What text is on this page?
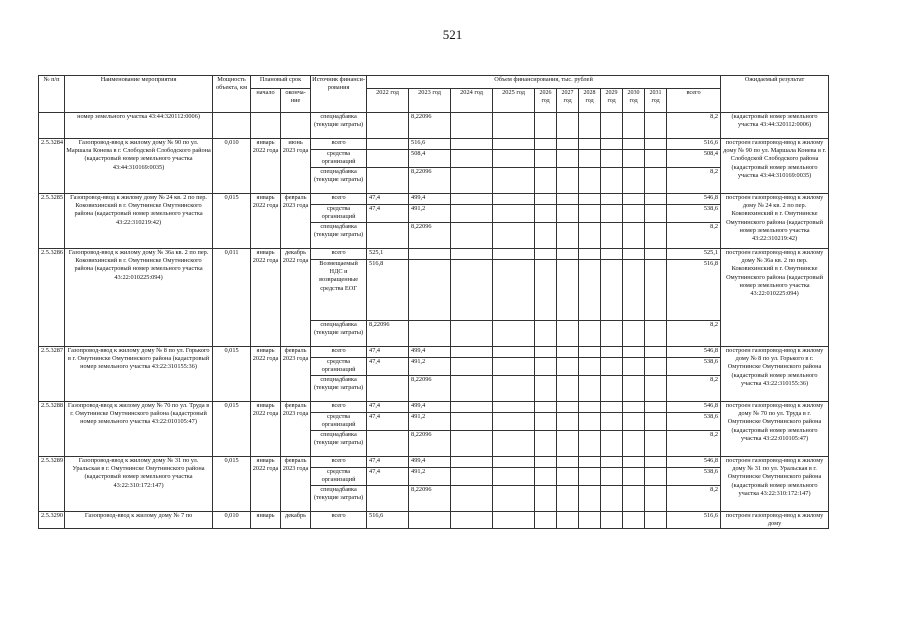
521
№ п/п	Наименование мероприятия	Мощность объекта, км	Плановый срок		Источник финанси-рования	Объем финансирования, тыс. рублей											Ожидаемый результат
			начало	оконча-ние		2022 год	2023 год	2024 год	2025 год	2026 год	2027 год	2028 год	2029 год	2030 год	2031 год	всего	
	номер земельного участка 43:44:320112:0006)				спецнадбавка (текущие затраты)		8,22096									8,2	(кадастровый номер земельного участка 43:44:320112:0006)
2.5.3284	Газопровод-ввод к жилому дому № 90 по ул. Маршала Конева в г. Слободской Слободского района (кадастровый номер земельного участка 43:44:310169:0035)	0,010	январь 2022 года	июнь 2023 года	всего		516,6									516,6	построен газопровод-ввод к жилому дому № 90 по ул. Маршала Конева в г. Слободской Слободского района (кадастровый номер земельного участка 43:44:310169:0035)
					средства организаций		508,4									508,4	
					спецнадбавка (текущие затраты)		8,22096									8,2	
2.5.3285	Газопровод-ввод к жилому дому № 24 кв. 2 по пер. Коковихинский в г. Омутнинске Омутнинского района (кадастровый номер земельного участка 43:22:310219:42)	0,015	январь 2022 года	февраль 2023 года	всего	47,4	499,4									546,8	построен газопровод-ввод к жилому дому № 24 кв. 2 по пер. Коковихинский в г. Омутнинске Омутнинского района (кадастровый номер земельного участка 43:22:310219:42)
					средства организаций	47,4	491,2									538,6	
					спецнадбавка (текущие затраты)		8,22096									8,2	
2.5.3286	Газопровод-ввод к жилому дому № 36а кв. 2 по пер. Коковихинский в г. Омутнинске Омутнинского района (кадастровый номер земельного участка 43:22:010225:094)	0,011	январь 2022 года	декабрь 2022 года	всего	525,1										525,1	построен газопровод-ввод к жилому дому № 36а кв. 2 по пер. Коковихинский в г. Омутнинске Омутнинского района (кадастровый номер земельного участка 43:22:010225:094)
					Возмещаемый НДС и возвращенные средства ЕОГ	516,8										516,8	
					спецнадбавка (текущие затраты)	8,22096										8,2	
2.5.3287	Газопровод-ввод к жилому дому № 8 по ул. Горького в г. Омутнинске Омутнинского района (кадастровый номер земельного участка 43:22:310155:36)	0,015	январь 2022 года	февраль 2023 года	всего	47,4	499,4									546,8	построен газопровод-ввод к жилому дому № 8 по ул. Горького в г. Омутнинске Омутнинского района (кадастровый номер земельного участка 43:22:310155:36)
					средства организаций	47,4	491,2									538,6	
					спецнадбавка (текущие затраты)		8,22096									8,2	
2.5.3288	Газопровод-ввод к жилому дому № 70 по ул. Труда в г. Омутнинске Омутнинского района (кадастровый номер земельного участка 43:22:010105:47)	0,015	январь 2022 года	февраль 2023 года	всего	47,4	499,4									546,8	построен газопровод-ввод к жилому дому № 70 по ул. Труда в г. Омутнинске Омутнинского района (кадастровый номер земельного участка 43:22:010105:47)
					средства организаций	47,4	491,2									538,6	
					спецнадбавка (текущие затраты)		8,22096									8,2	
2.5.3289	Газопровод-ввод к жилому дому № 31 по ул. Уральская в г. Омутнинске Омутнинского района (кадастровый номер земельного участка 43:22:310:172:147)	0,015	январь 2022 года	февраль 2023 года	всего	47,4	499,4									546,8	построен газопровод-ввод к жилому дому № 31 по ул. Уральская в г. Омутнинске Омутнинского района (кадастровый номер земельного участка 43:22:310:172:147)
					средства организаций	47,4	491,2									538,6	
					спецнадбавка (текущие затраты)		8,22096									8,2	
2.5.3290	Газопровод-ввод к жилому дому № 7 по	0,010	январь	декабрь	всего	516,6										516,6	построен газопровод-ввод к жилому дому
